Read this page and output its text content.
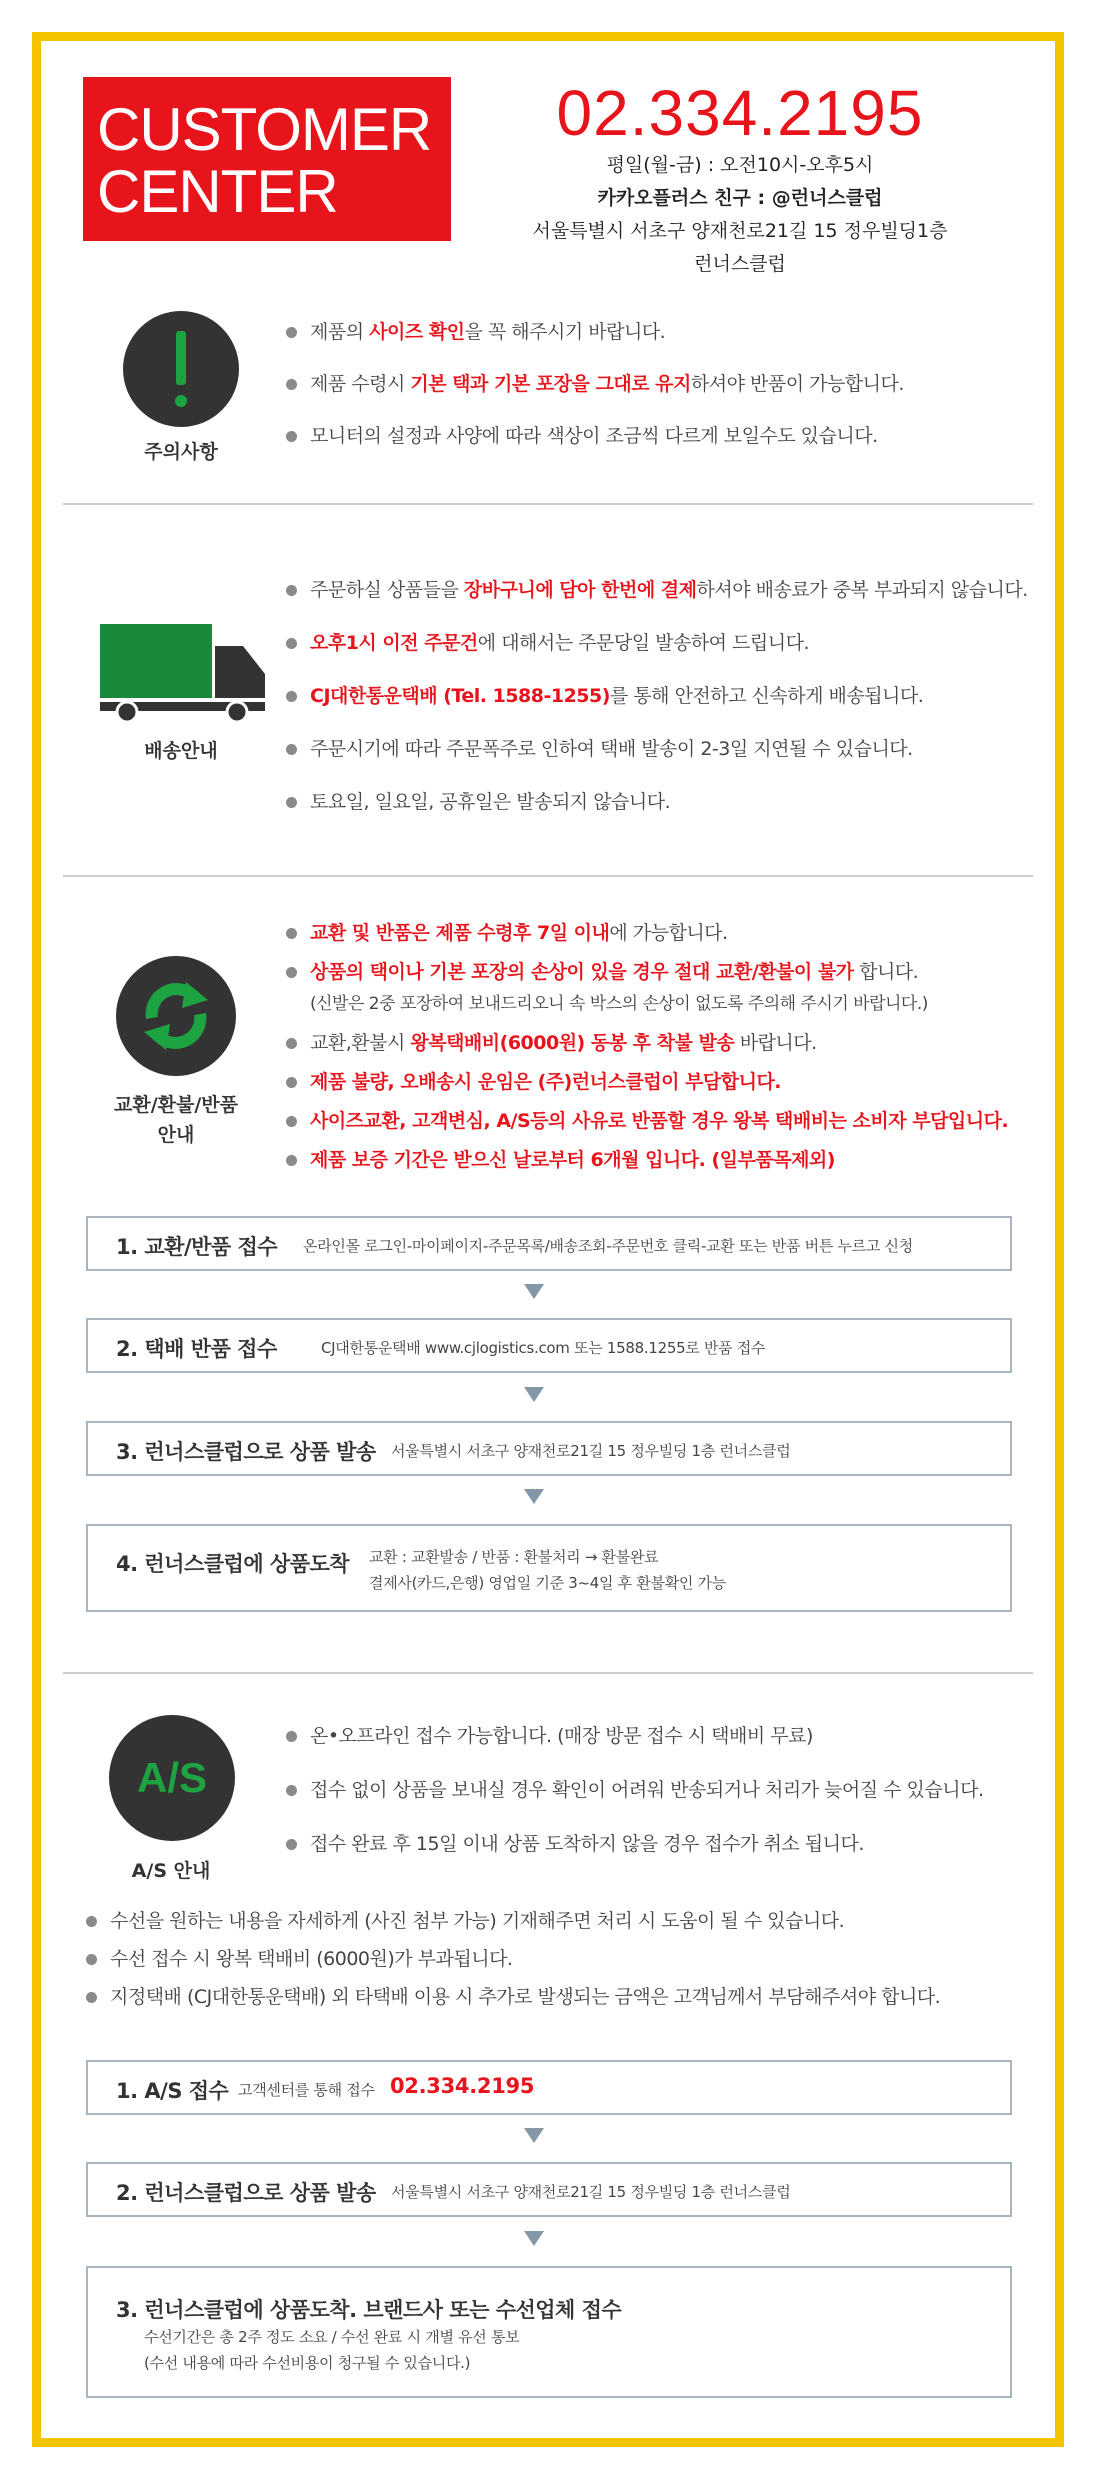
CUSTOMER
CENTER
02.334.2195
평일(월-금) : 오전10시-오후5시
카카오플러스 친구 : @런너스클럽
서울특별시 서초구 양재천로21길 15 정우빌딩1층
런너스클럽
주의사항
제품의 사이즈 확인을 꼭 해주시기 바랍니다.
제품 수령시 기본 택과 기본 포장을 그대로 유지하셔야 반품이 가능합니다.
모니터의 설정과 사양에 따라 색상이 조금씩 다르게 보일수도 있습니다.
배송안내
주문하실 상품들을 장바구니에 담아 한번에 결제하셔야 배송료가 중복 부과되지 않습니다.
오후1시 이전 주문건에 대해서는 주문당일 발송하여 드립니다.
CJ대한통운택배 (Tel. 1588-1255)를 통해 안전하고 신속하게 배송됩니다.
주문시기에 따라 주문폭주로 인하여 택배 발송이 2-3일 지연될 수 있습니다.
토요일, 일요일, 공휴일은 발송되지 않습니다.
교환/환불/반품
안내
교환 및 반품은 제품 수령후 7일 이내에 가능합니다.
상품의 택이나 기본 포장의 손상이 있을 경우 절대 교환/환불이 불가 합니다.
(신발은 2중 포장하여 보내드리오니 속 박스의 손상이 없도록 주의해 주시기 바랍니다.)
교환,환불시 왕복택배비(6000원) 동봉 후 착불 발송 바랍니다.
제품 불량, 오배송시 운임은 (주)런너스클럽이 부담합니다.
사이즈교환, 고객변심, A/S등의 사유로 반품할 경우 왕복 택배비는 소비자 부담입니다.
제품 보증 기간은 받으신 날로부터 6개월 입니다. (일부품목제외)
1. 교환/반품 접수 온라인몰 로그인-마이페이지-주문목록/배송조회-주문번호 클릭-교환 또는 반품 버튼 누르고 신청
2. 택배 반품 접수	CJ대한통운택배 www.cjlogistics.com 또는 1588.1255로 반품 접수
3. 런너스클럽으로 상품 발송 서울특별시 서초구 양재천로21길 15 정우빌딩 1층 런너스클럽
4. 런너스클럽에 상품도착 교환 : 교환발송 / 반품 : 환불처리 → 환불완료
결제사(카드,은행) 영업일 기준 3~4일 후 환불확인 가능
A/S
A/S 안내
온•오프라인 접수 가능합니다. (매장 방문 접수 시 택배비 무료)
접수 없이 상품을 보내실 경우 확인이 어려워 반송되거나 처리가 늦어질 수 있습니다.
접수 완료 후 15일 이내 상품 도착하지 않을 경우 접수가 취소 됩니다.
수선을 원하는 내용을 자세하게 (사진 첨부 가능) 기재해주면 처리 시 도움이 될 수 있습니다.
수선 접수 시 왕복 택배비 (6000원)가 부과됩니다.
지정택배 (CJ대한통운택배) 외 타택배 이용 시 추가로 발생되는 금액은 고객님께서 부담해주셔야 합니다.
1. A/S 접수 고객센터를 통해 접수 02.334.2195
2. 런너스클럽으로 상품 발송 서울특별시 서초구 양재천로21길 15 정우빌딩 1층 런너스클럽
3. 런너스클럽에 상품도착. 브랜드사 또는 수선업체 접수
수선기간은 총 2주 정도 소요 / 수선 완료 시 개별 유선 통보
(수선 내용에 따라 수선비용이 청구될 수 있습니다.)
